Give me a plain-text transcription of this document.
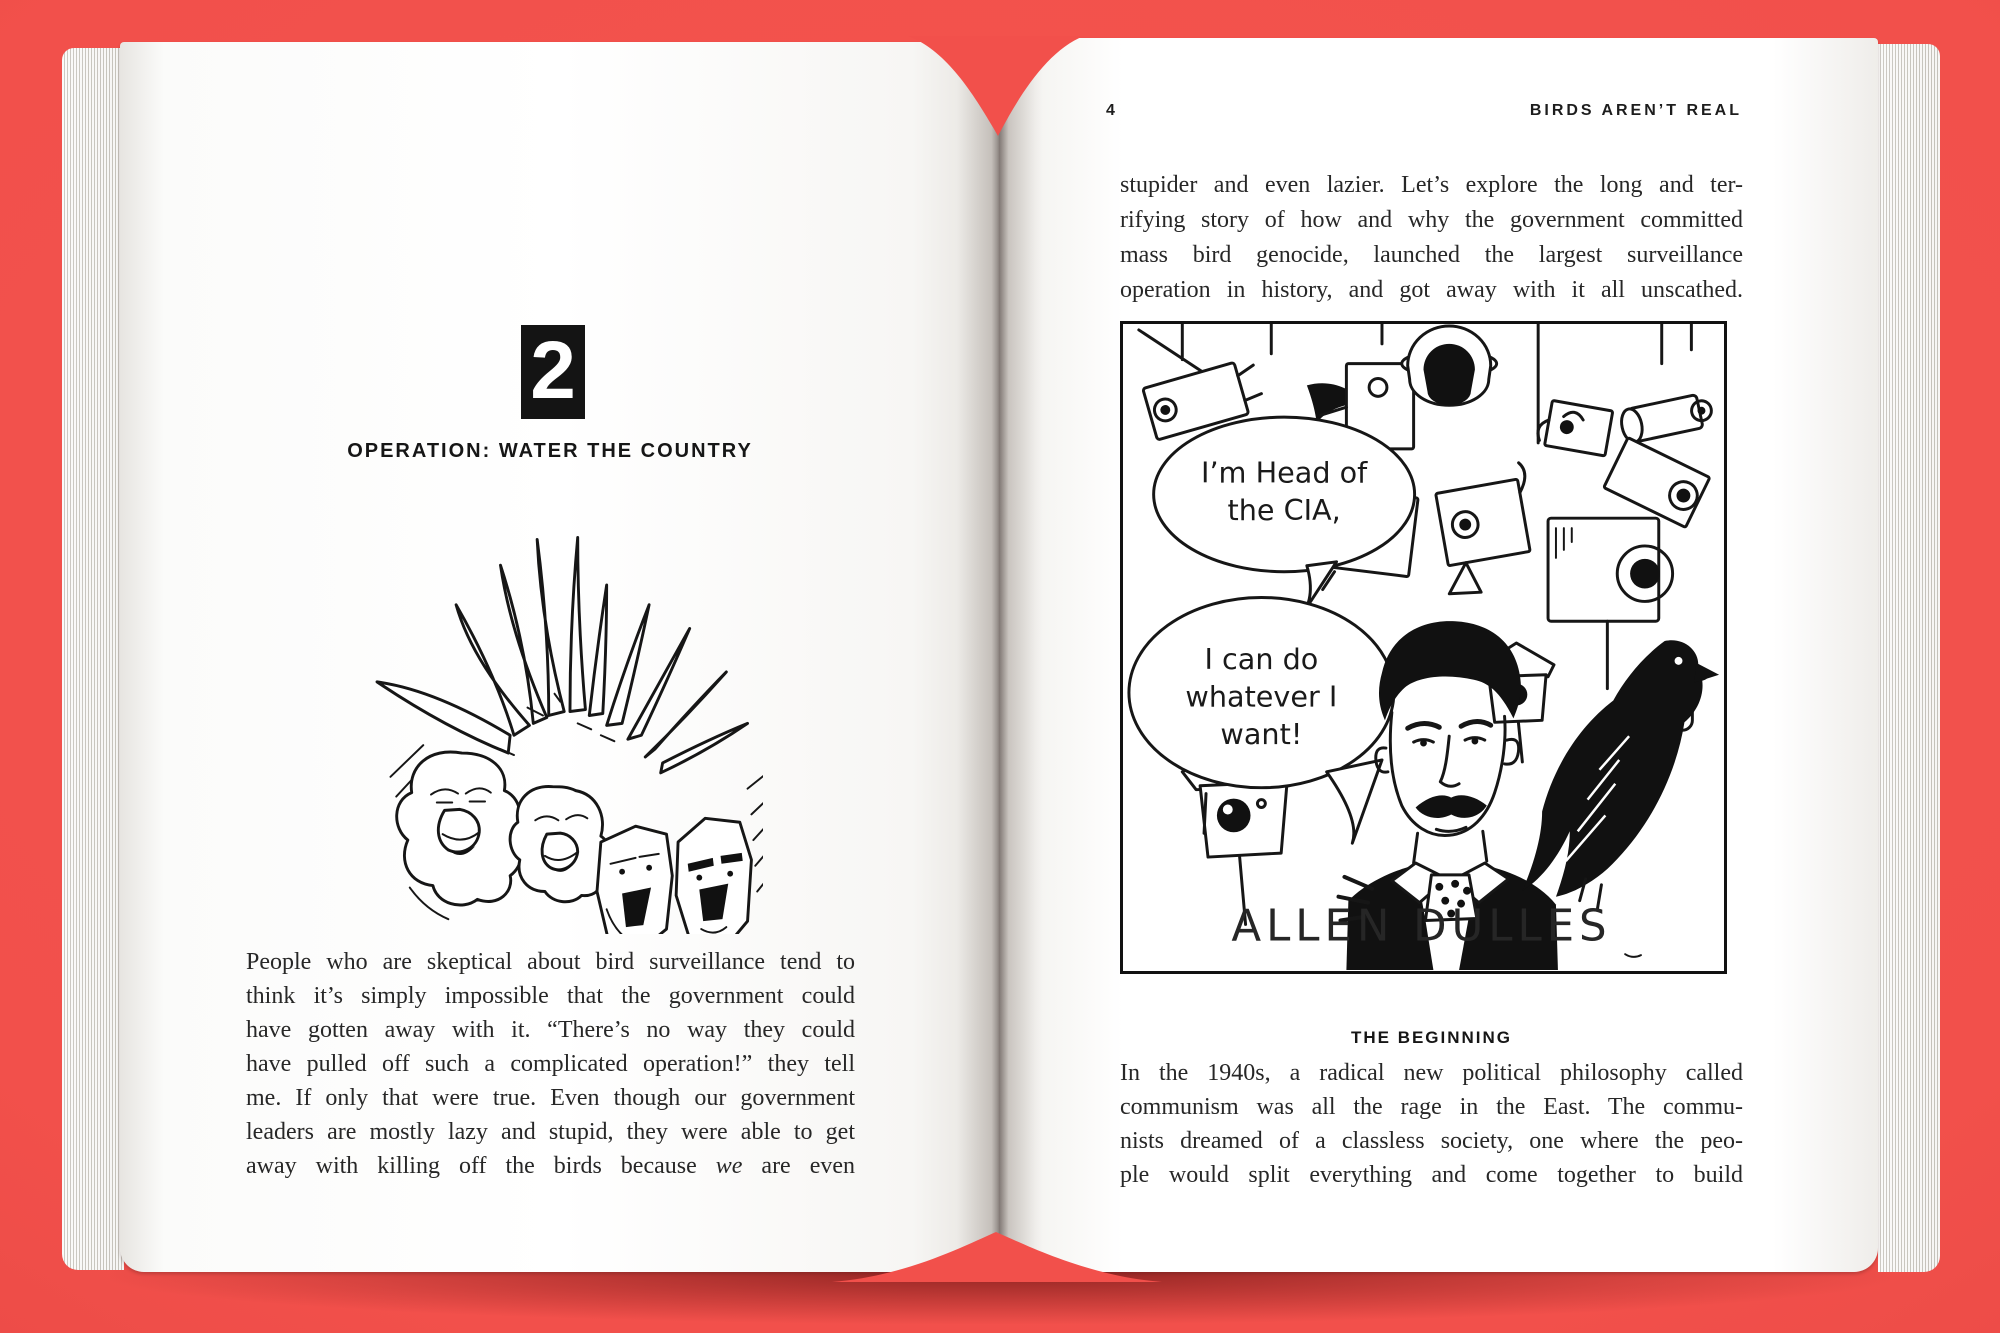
2
OPERATION: WATER THE COUNTRY
People who are skeptical about bird surveillance tend to
think it’s simply impossible that the government could
have gotten away with it. “There’s no way they could
have pulled off such a complicated operation!” they tell
me. If only that were true. Even though our government
leaders are mostly lazy and stupid, they were able to get
away with killing off the birds because we are even
4	BIRDS AREN’T REAL
stupider and even lazier. Let’s explore the long and ter-
rifying story of how and why the government committed
mass bird genocide, launched the largest surveillance
operation in history, and got away with it all unscathed.
I’m Head of
the CIA,
I can do
whatever I
want!
ALLEN DULLES
THE BEGINNING
In the 1940s, a radical new political philosophy called
communism was all the rage in the East. The commu-
nists dreamed of a classless society, one where the peo-
ple would split everything and come together to build
